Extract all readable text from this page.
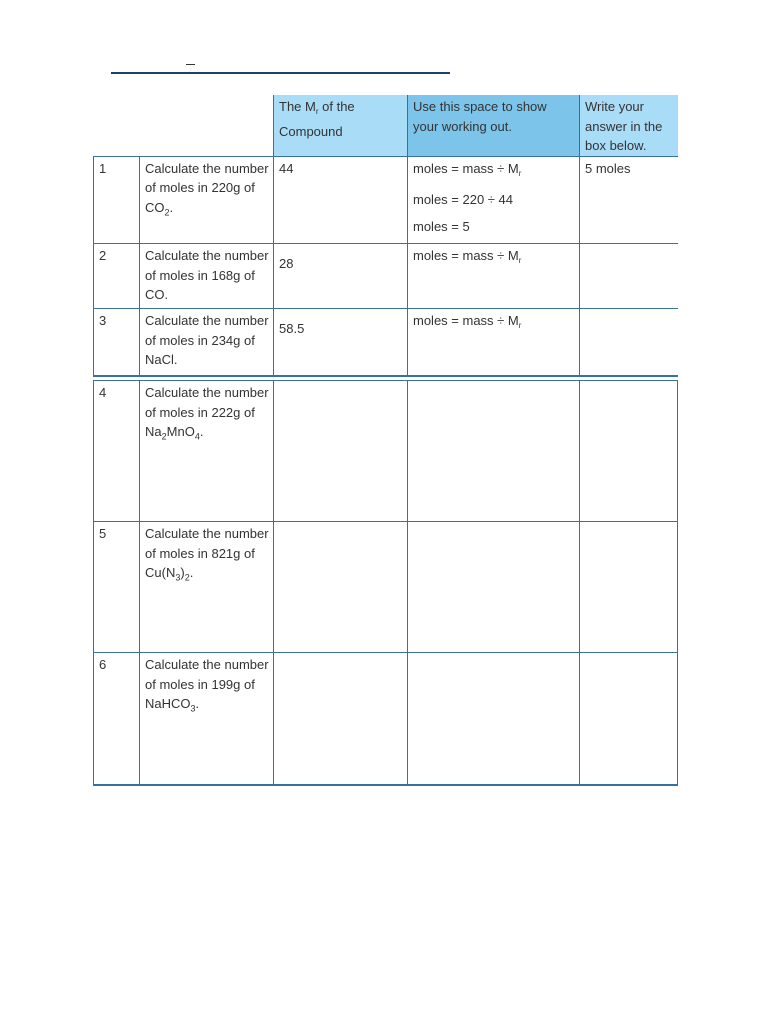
		The $M_r$ of the Compound	Use this space to show your working out.	Write your answer in the box below.
1	Calculate the number of moles in 220g of $CO_2$.	44	moles = mass ÷ $M_r$
moles = 220 ÷ 44
moles = 5	5 moles
2	Calculate the number of moles in 168g of CO.	28	moles = mass ÷ $M_r$	
3	Calculate the number of moles in 234g of NaCl.	58.5	moles = mass ÷ $M_r$	
4	Calculate the number of moles in 222g of $Na_2MnO_4$.			
5	Calculate the number of moles in 821g of $Cu(N_3)_2$.			
6	Calculate the number of moles in 199g of NaHCO$_3$.			
